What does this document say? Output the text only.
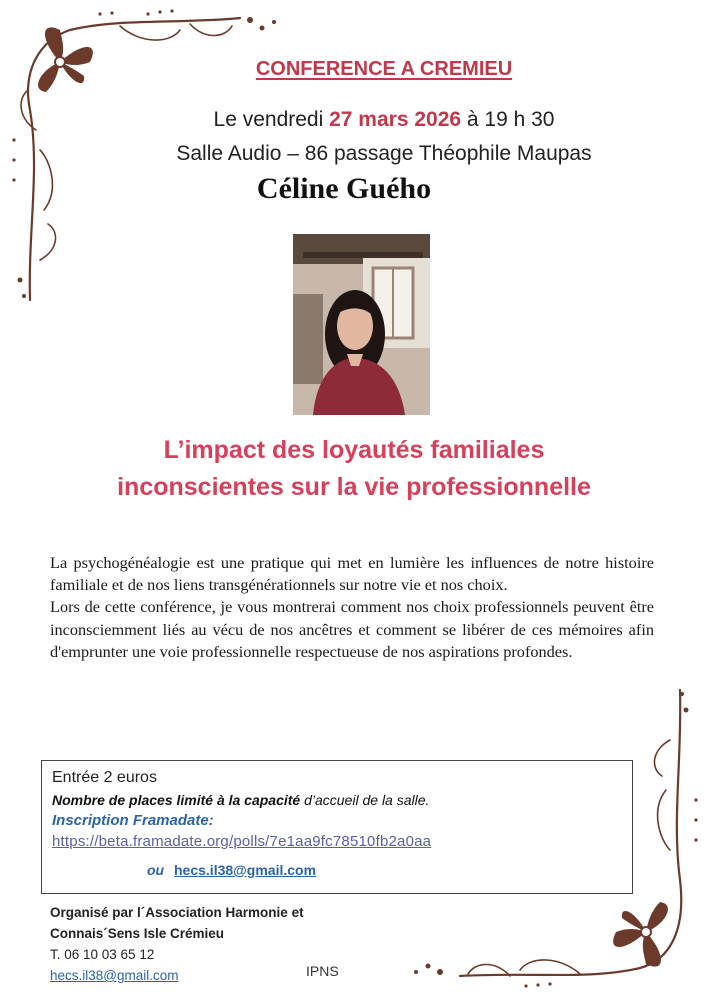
CONFERENCE A CREMIEU
Le vendredi 27 mars 2026 à 19 h 30
Salle Audio – 86 passage Théophile Maupas
Céline Guého
L’impact des loyautés familiales
inconscientes sur la vie professionnelle

La psychogénéalogie est une pratique qui met en lumière les influences de notre histoire familiale et de nos liens transgénérationnels sur notre vie et nos choix.

Lors de cette conférence, je vous montrerai comment nos choix professionnels peuvent être inconsciemment liés au vécu de nos ancêtres et comment se libérer de ces mémoires afin d'emprunter une voie professionnelle respectueuse de nos aspirations profondes.

Entrée 2 euros
Nombre de places limité à la capacité d’accueil de la salle.
Inscription Framadate:
https://beta.framadate.org/polls/7e1aa9fc78510fb2a0aa
ou hecs.il38@gmail.com
Organisé par l´Association Harmonie et
Connais´Sens Isle Crémieu
T. 06 10 03 65 12
hecs.il38@gmail.com	IPNS
